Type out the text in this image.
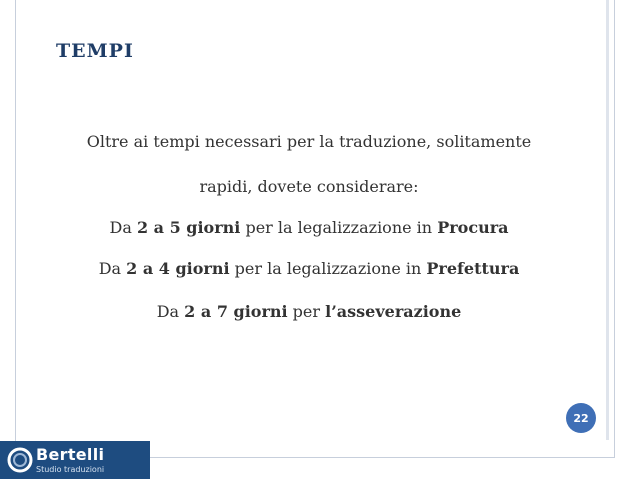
TEMPI
Oltre ai tempi necessari per la traduzione, solitamente
rapidi, dovete considerare:
Da 2 a 5 giorni per la legalizzazione in Procura
Da 2 a 4 giorni per la legalizzazione in Prefettura
Da 2 a 7 giorni per l’asseverazione
22
Bertelli
Studio traduzioni
